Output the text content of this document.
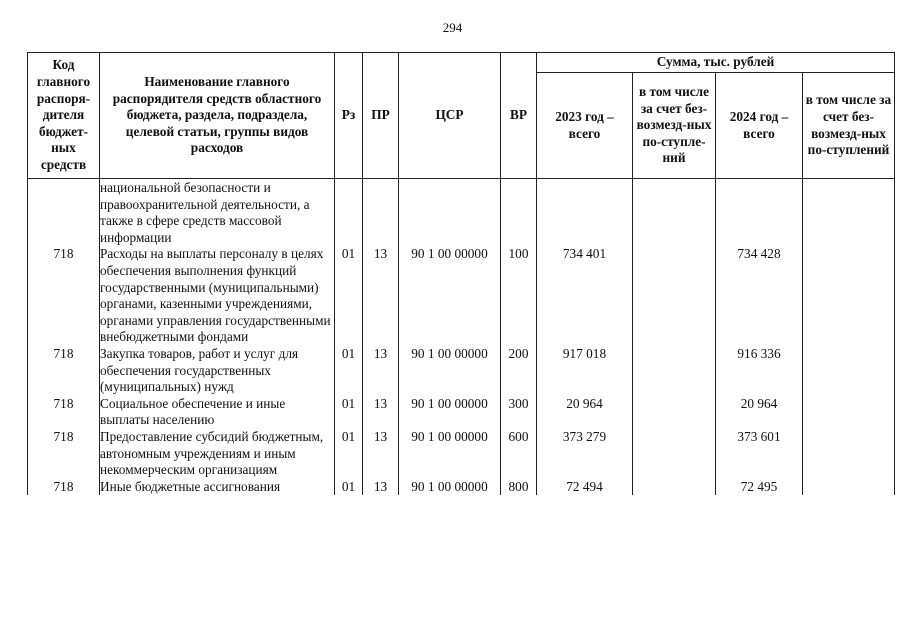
294
Код главного распоря-дителя бюджет-ных средств	Наименование главного распорядителя средств областного бюджета, раздела, подраздела, целевой статьи, группы видов расходов	Рз	ПР	ЦСР	ВР	Сумма, тыс. рублей			
						2023 год – всего	в том числе за счет без-возмезд-ных по-ступле-ний	2024 год – всего	в том числе за счет без-возмезд-ных по-ступлений
	национальной безопасности и правоохранительной деятельности, а также в сфере средств массовой информации								
718	Расходы на выплаты персоналу в целях обеспечения выполнения функций государственными (муниципальными) органами, казенными учреждениями, органами управления государственными внебюджетными фондами	01	13	90 1 00 00000	100	734 401		734 428	
718	Закупка товаров, работ и услуг для обеспечения государственных (муниципальных) нужд	01	13	90 1 00 00000	200	917 018		916 336	
718	Социальное обеспечение и иные выплаты населению	01	13	90 1 00 00000	300	20 964		20 964	
718	Предоставление субсидий бюджетным, автономным учреждениям и иным некоммерческим организациям	01	13	90 1 00 00000	600	373 279		373 601	
718	Иные бюджетные ассигнования	01	13	90 1 00 00000	800	72 494		72 495	
